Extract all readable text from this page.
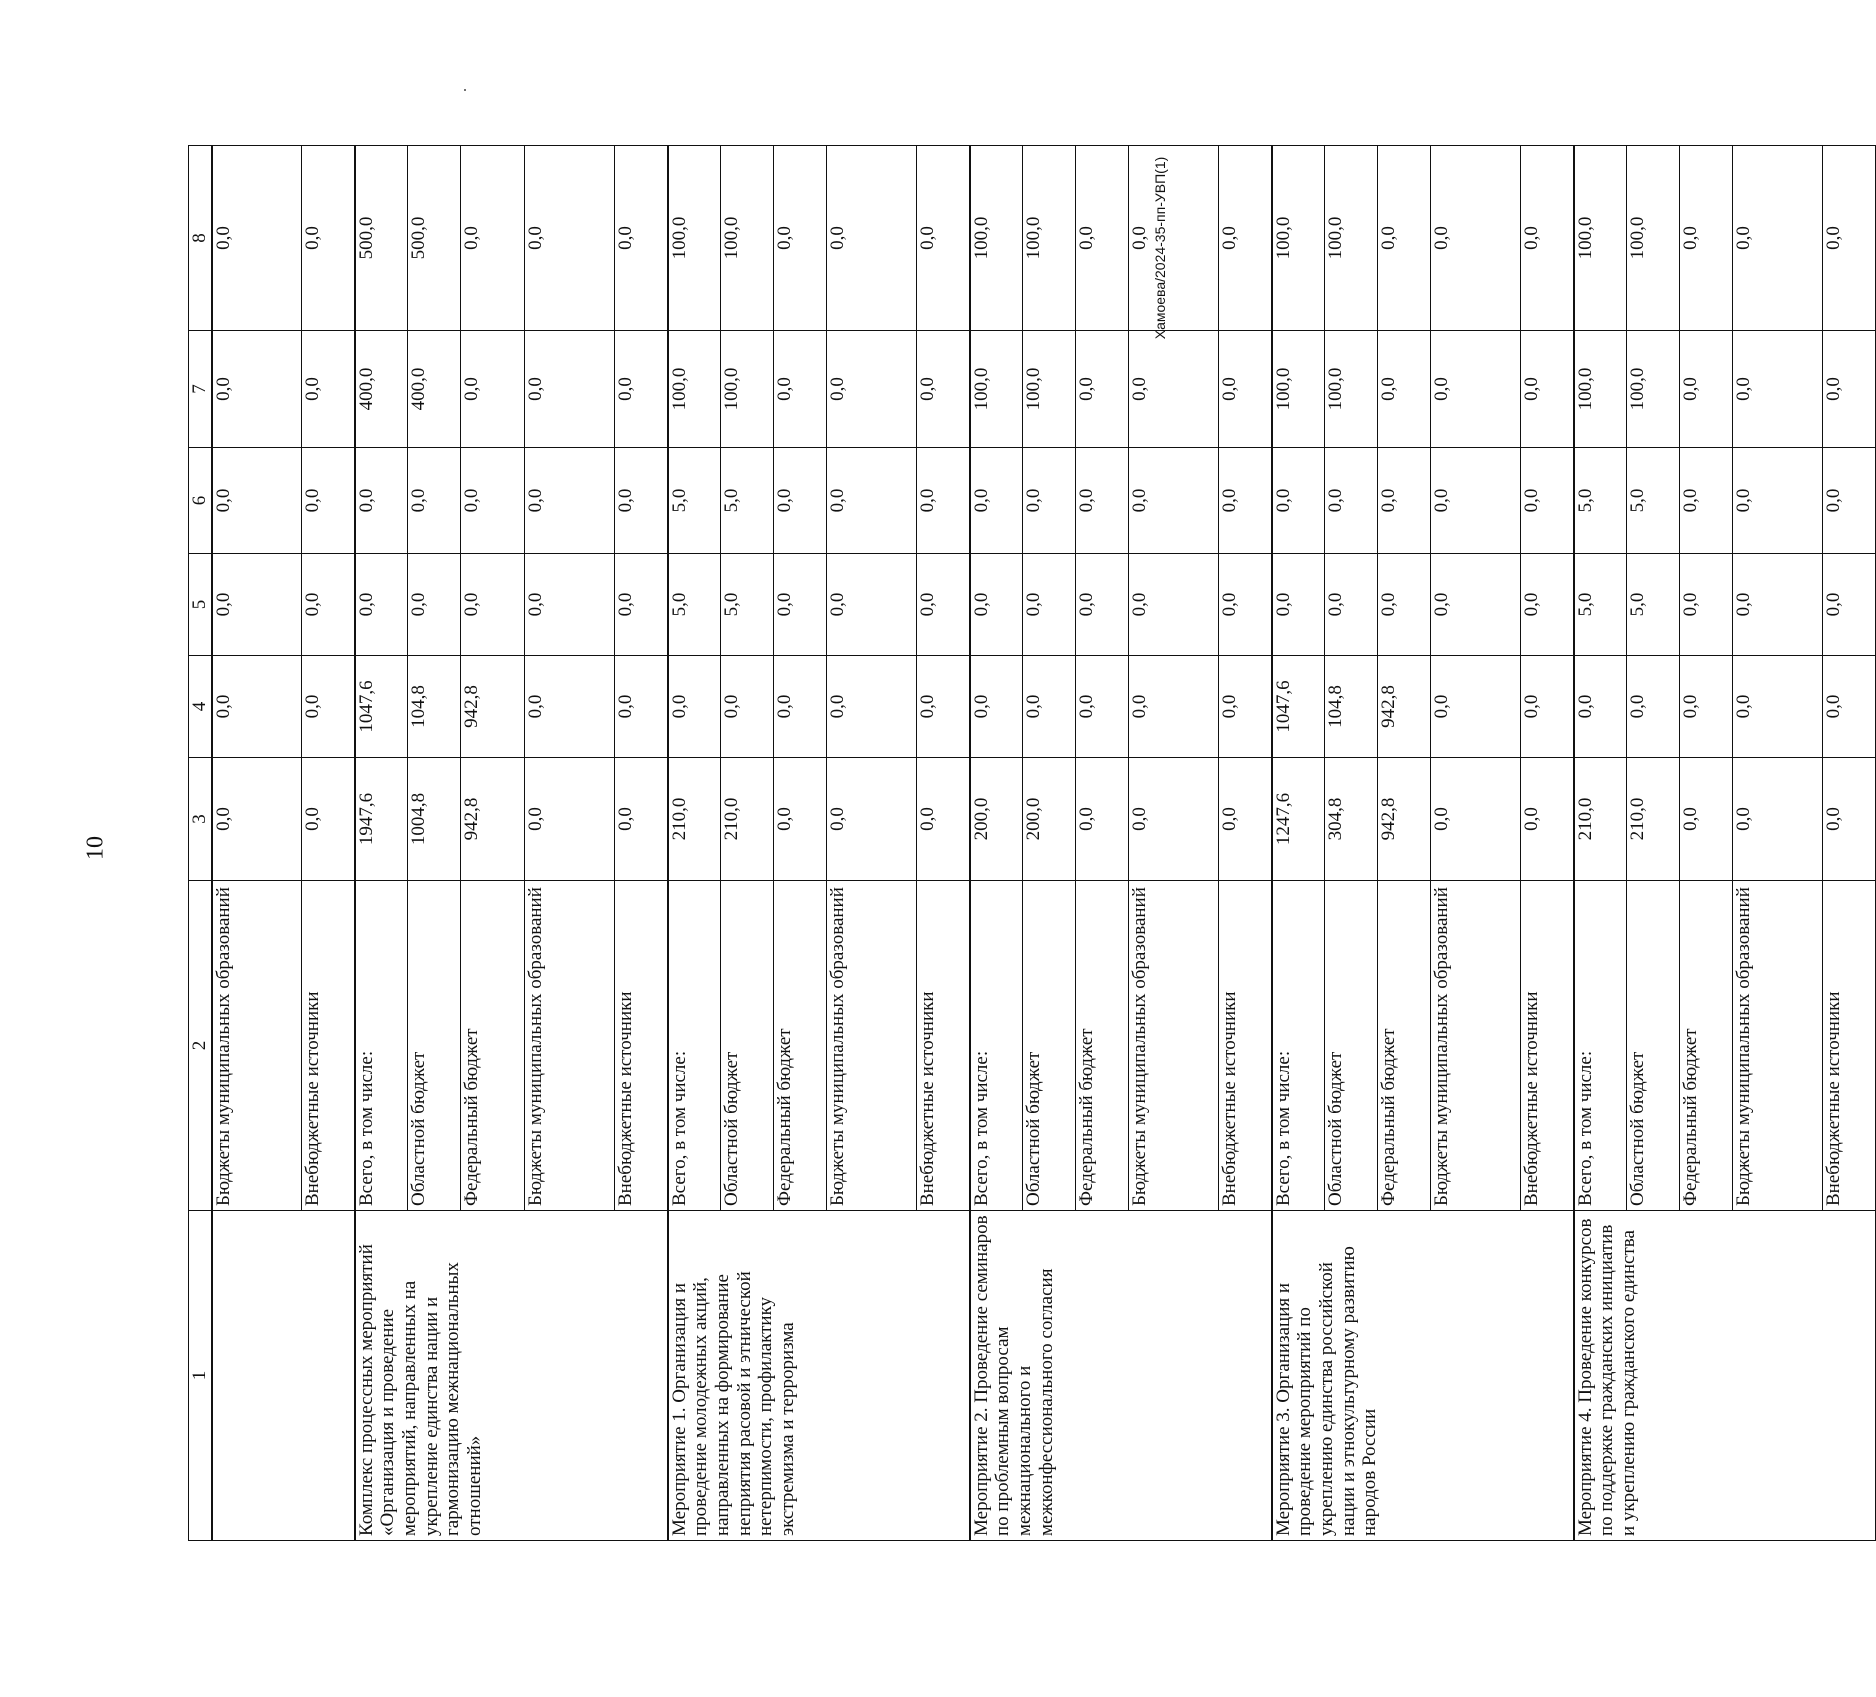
10
Хамоева/2024-35-пп-УВП(1)
1	2	3	4	5	6	7	8
	Бюджеты муниципальных образований	0,0	0,0	0,0	0,0	0,0	0,0
	Внебюджетные источники	0,0	0,0	0,0	0,0	0,0	0,0
Комплекс процессных мероприятий «Организация и проведение мероприятий, направленных на укрепление единства нации и гармонизацию межнациональных отношений»	Всего, в том числе:	1947,6	1047,6	0,0	0,0	400,0	500,0
	Областной бюджет	1004,8	104,8	0,0	0,0	400,0	500,0
	Федеральный бюджет	942,8	942,8	0,0	0,0	0,0	0,0
	Бюджеты муниципальных образований	0,0	0,0	0,0	0,0	0,0	0,0
	Внебюджетные источники	0,0	0,0	0,0	0,0	0,0	0,0
Мероприятие 1. Организация и проведение молодежных акций, направленных на формирование неприятия расовой и этнической нетерпимости, профилактику экстремизма и терроризма	Всего, в том числе:	210,0	0,0	5,0	5,0	100,0	100,0
	Областной бюджет	210,0	0,0	5,0	5,0	100,0	100,0
	Федеральный бюджет	0,0	0,0	0,0	0,0	0,0	0,0
	Бюджеты муниципальных образований	0,0	0,0	0,0	0,0	0,0	0,0
	Внебюджетные источники	0,0	0,0	0,0	0,0	0,0	0,0
Мероприятие 2. Проведение семинаров по проблемным вопросам межнационального и межконфессионального согласия	Всего, в том числе:	200,0	0,0	0,0	0,0	100,0	100,0
	Областной бюджет	200,0	0,0	0,0	0,0	100,0	100,0
	Федеральный бюджет	0,0	0,0	0,0	0,0	0,0	0,0
	Бюджеты муниципальных образований	0,0	0,0	0,0	0,0	0,0	0,0
	Внебюджетные источники	0,0	0,0	0,0	0,0	0,0	0,0
Мероприятие 3. Организация и проведение мероприятий по укреплению единства российской нации и этнокультурному развитию народов России	Всего, в том числе:	1247,6	1047,6	0,0	0,0	100,0	100,0
	Областной бюджет	304,8	104,8	0,0	0,0	100,0	100,0
	Федеральный бюджет	942,8	942,8	0,0	0,0	0,0	0,0
	Бюджеты муниципальных образований	0,0	0,0	0,0	0,0	0,0	0,0
	Внебюджетные источники	0,0	0,0	0,0	0,0	0,0	0,0
Мероприятие 4. Проведение конкурсов по поддержке гражданских инициатив и укреплению гражданского единства	Всего, в том числе:	210,0	0,0	5,0	5,0	100,0	100,0
	Областной бюджет	210,0	0,0	5,0	5,0	100,0	100,0
	Федеральный бюджет	0,0	0,0	0,0	0,0	0,0	0,0
	Бюджеты муниципальных образований	0,0	0,0	0,0	0,0	0,0	0,0
	Внебюджетные источники	0,0	0,0	0,0	0,0	0,0	0,0
